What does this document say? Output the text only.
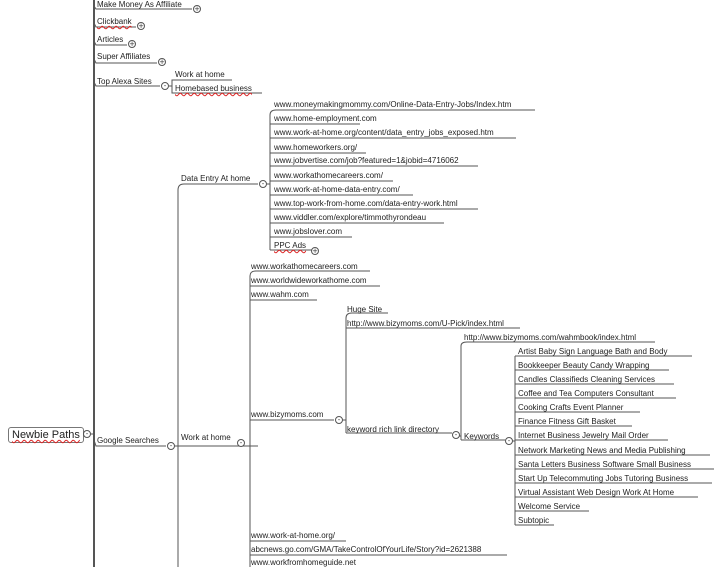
Newbie Paths -
Make Money As Affiliate +
Clickbank +
Articles +
Super Affiliates
+
Top Alexa Sites	-
Google Searches
-
Work at home
Homebased business
Data Entry At home
-
Work at home
-
www.moneymakingmommy.com/Online-Data-Entry-Jobs/Index.htm
www.home-employment.com
www.work-at-home.org/content/data_entry_jobs_exposed.htm
www.homeworkers.org/
www.jobvertise.com/job?featured=1&jobid=4716062
www.workathomecareers.com/
www.work-at-home-data-entry.com/
www.top-work-from-home.com/data-entry-work.html
www.viddler.com/explore/timmothyrondeau
www.jobslover.com
PPC Ads
+
www.workathomecareers.com
www.worldwideworkathome.com
www.wahm.com
www.bizymoms.com
-
www.work-at-home.org/
abcnews.go.com/GMA/TakeControlOfYourLife/Story?id=2621388
www.workfromhomeguide.net
Huge Site
http://www.bizymoms.com/U-Pick/index.html
keyword rich link directory
-
http://www.bizymoms.com/wahmbook/index.html
Keywords	-
Artist Baby Sign Language Bath and Body
Bookkeeper Beauty Candy Wrapping
Candles Classifieds Cleaning Services
Coffee and Tea Computers Consultant
Cooking Crafts Event Planner
Finance Fitness Gift Basket
Internet Business Jewelry Mail Order
Network Marketing News and Media Publishing
Santa Letters Business Software Small Business
Start Up Telecommuting Jobs Tutoring Business
Virtual Assistant Web Design Work At Home
Welcome Service
Subtopic
